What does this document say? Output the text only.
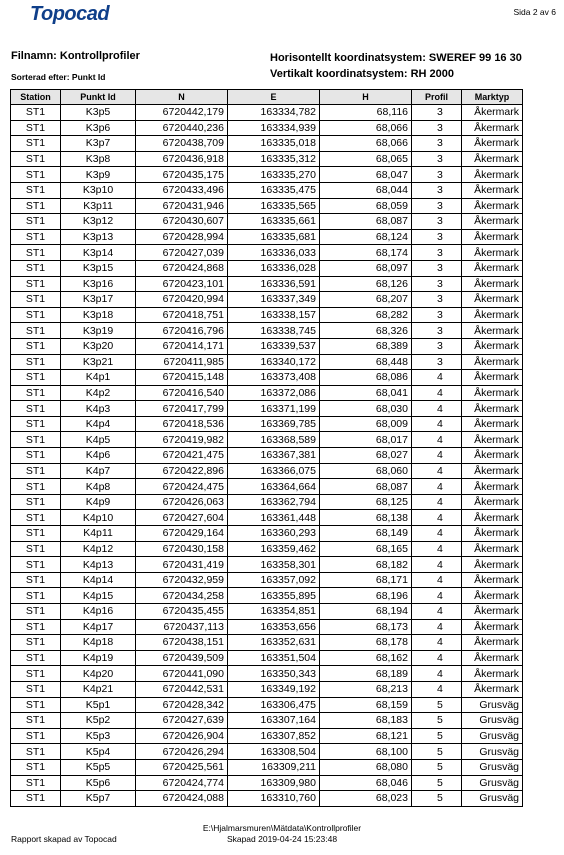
Topocad	Sida 2 av 6
Filnamn: Kontrollprofiler
Sorterad efter: Punkt Id
Horisontellt koordinatsystem: SWEREF 99 16 30
Vertikalt koordinatsystem: RH 2000
Station	Punkt Id	N	E	H	Profil	Marktyp
ST1	K3p5	6720442,179	163334,782	68,116	3	Åkermark
ST1	K3p6	6720440,236	163334,939	68,066	3	Åkermark
ST1	K3p7	6720438,709	163335,018	68,066	3	Åkermark
ST1	K3p8	6720436,918	163335,312	68,065	3	Åkermark
ST1	K3p9	6720435,175	163335,270	68,047	3	Åkermark
ST1	K3p10	6720433,496	163335,475	68,044	3	Åkermark
ST1	K3p11	6720431,946	163335,565	68,059	3	Åkermark
ST1	K3p12	6720430,607	163335,661	68,087	3	Åkermark
ST1	K3p13	6720428,994	163335,681	68,124	3	Åkermark
ST1	K3p14	6720427,039	163336,033	68,174	3	Åkermark
ST1	K3p15	6720424,868	163336,028	68,097	3	Åkermark
ST1	K3p16	6720423,101	163336,591	68,126	3	Åkermark
ST1	K3p17	6720420,994	163337,349	68,207	3	Åkermark
ST1	K3p18	6720418,751	163338,157	68,282	3	Åkermark
ST1	K3p19	6720416,796	163338,745	68,326	3	Åkermark
ST1	K3p20	6720414,171	163339,537	68,389	3	Åkermark
ST1	K3p21	6720411,985	163340,172	68,448	3	Åkermark
ST1	K4p1	6720415,148	163373,408	68,086	4	Åkermark
ST1	K4p2	6720416,540	163372,086	68,041	4	Åkermark
ST1	K4p3	6720417,799	163371,199	68,030	4	Åkermark
ST1	K4p4	6720418,536	163369,785	68,009	4	Åkermark
ST1	K4p5	6720419,982	163368,589	68,017	4	Åkermark
ST1	K4p6	6720421,475	163367,381	68,027	4	Åkermark
ST1	K4p7	6720422,896	163366,075	68,060	4	Åkermark
ST1	K4p8	6720424,475	163364,664	68,087	4	Åkermark
ST1	K4p9	6720426,063	163362,794	68,125	4	Åkermark
ST1	K4p10	6720427,604	163361,448	68,138	4	Åkermark
ST1	K4p11	6720429,164	163360,293	68,149	4	Åkermark
ST1	K4p12	6720430,158	163359,462	68,165	4	Åkermark
ST1	K4p13	6720431,419	163358,301	68,182	4	Åkermark
ST1	K4p14	6720432,959	163357,092	68,171	4	Åkermark
ST1	K4p15	6720434,258	163355,895	68,196	4	Åkermark
ST1	K4p16	6720435,455	163354,851	68,194	4	Åkermark
ST1	K4p17	6720437,113	163353,656	68,173	4	Åkermark
ST1	K4p18	6720438,151	163352,631	68,178	4	Åkermark
ST1	K4p19	6720439,509	163351,504	68,162	4	Åkermark
ST1	K4p20	6720441,090	163350,343	68,189	4	Åkermark
ST1	K4p21	6720442,531	163349,192	68,213	4	Åkermark
ST1	K5p1	6720428,342	163306,475	68,159	5	Grusväg
ST1	K5p2	6720427,639	163307,164	68,183	5	Grusväg
ST1	K5p3	6720426,904	163307,852	68,121	5	Grusväg
ST1	K5p4	6720426,294	163308,504	68,100	5	Grusväg
ST1	K5p5	6720425,561	163309,211	68,080	5	Grusväg
ST1	K5p6	6720424,774	163309,980	68,046	5	Grusväg
ST1	K5p7	6720424,088	163310,760	68,023	5	Grusväg
Rapport skapad av Topocad
E:\Hjalmarsmuren\Mätdata\Kontrollprofiler
Skapad 2019-04-24 15:23:48
